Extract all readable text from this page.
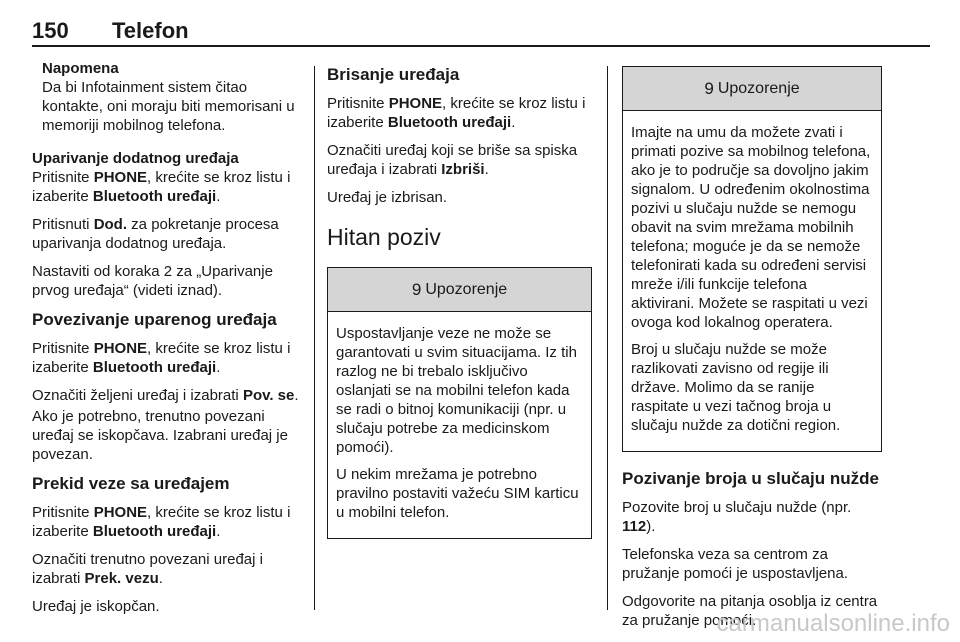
150 Telefon
Napomena
Da bi Infotainment sistem čitao kontakte, oni moraju biti memorisani u memoriji mobilnog telefona.
Uparivanje dodatnog uređaja
Pritisnite PHONE, krećite se kroz listu i izaberite Bluetooth uređaji.
Pritisnuti Dod. za pokretanje procesa uparivanja dodatnog uređaja.
Nastaviti od koraka 2 za „Uparivanje prvog uređaja“ (videti iznad).
Povezivanje uparenog uređaja
Pritisnite PHONE, krećite se kroz listu i izaberite Bluetooth uređaji.
Označiti željeni uređaj i izabrati Pov. se.
Ako je potrebno, trenutno povezani uređaj se iskopčava. Izabrani uređaj je povezan.
Prekid veze sa uređajem
Pritisnite PHONE, krećite se kroz listu i izaberite Bluetooth uređaji.
Označiti trenutno povezani uređaj i izabrati Prek. vezu.
Uređaj je iskopčan.
Brisanje uređaja
Pritisnite PHONE, krećite se kroz listu i izaberite Bluetooth uređaji.
Označiti uređaj koji se briše sa spiska uređaja i izabrati Izbriši.
Uređaj je izbrisan.
Hitan poziv
9 Upozorenje
Uspostavljanje veze ne može se garantovati u svim situacijama. Iz tih razlog ne bi trebalo isključivo oslanjati se na mobilni telefon kada se radi o bitnoj komunikaciji (npr. u slučaju potrebe za medicinskom pomoći).
U nekim mrežama je potrebno pravilno postaviti važeću SIM karticu u mobilni telefon.
9 Upozorenje
Imajte na umu da možete zvati i primati pozive sa mobilnog telefona, ako je to područje sa dovoljno jakim signalom. U određenim okolnostima pozivi u slučaju nužde se nemogu obavit na svim mrežama mobilnih telefona; moguće je da se nemože telefonirati kada su određeni servisi mreže i/ili funkcije telefona aktivirani. Možete se raspitati u vezi ovoga kod lokalnog operatera.
Broj u slučaju nužde se može razlikovati zavisno od regije ili države. Molimo da se ranije raspitate u vezi tačnog broja u slučaju nužde za dotični region.
Pozivanje broja u slučaju nužde
Pozovite broj u slučaju nužde (npr. 112).
Telefonska veza sa centrom za pružanje pomoći je uspostavljena.
Odgovorite na pitanja osoblja iz centra za pružanje pomoći.
carmanualsonline.info
